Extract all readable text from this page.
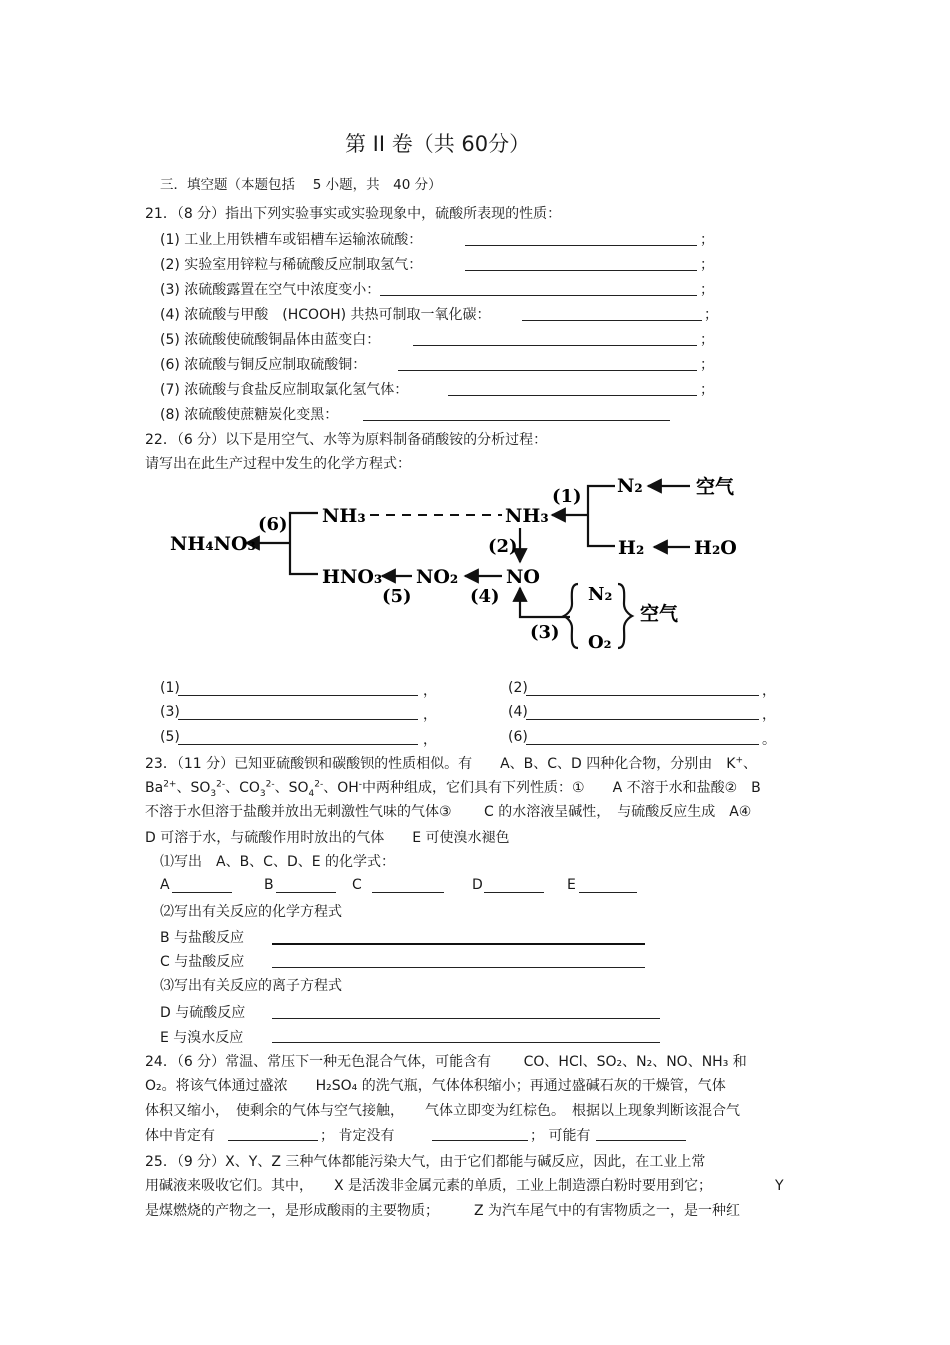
第 II 卷（共 60分）
三．填空题（本题包括　 5 小题，共　40 分）
21．（8 分）指出下列实验事实或实验现象中，硫酸所表现的性质：
(1) 工业上用铁槽车或铝槽车运输浓硫酸：	；
(2) 实验室用锌粒与稀硫酸反应制取氢气：	；
(3) 浓硫酸露置在空气中浓度变小：	；
(4) 浓硫酸与甲酸　(HCOOH) 共热可制取一氧化碳：	；
(5) 浓硫酸使硫酸铜晶体由蓝变白：	；
(6) 浓硫酸与铜反应制取硫酸铜：	；
(7) 浓硫酸与食盐反应制取氯化氢气体：	；
(8) 浓硫酸使蔗糖炭化变黑：
22．（6 分）以下是用空气、水等为原料制备硝酸铵的分析过程：
请写出在此生产过程中发生的化学方程式：
NH₄NO₃
(6) NH₃	NH₃
(1) N₂	空气
H₂	H₂O
(2)
HNO₃ NO₂	NO
(5)	(4)
(3)
N₂
O₂
空气
(1)	，	(2)	，
(3)	，	(4)	，
(5)	，	(6)	。
23．（11 分）已知亚硫酸钡和碳酸钡的性质相似。有　　A、B、C、D 四种化合物，分别由　K+、
$Ba^{2+}$、$SO_3^{2-}$、$CO_3^{2-}$、$SO_4^{2-}$、OH-中两种组成，它们具有下列性质：①　　A 不溶于水和盐酸②　B
不溶于水但溶于盐酸并放出无刺激性气味的气体③　　 C 的水溶液呈碱性，　与硫酸反应生成　A④
D 可溶于水，与硫酸作用时放出的气体　　E 可使溴水褪色
⑴写出　A、B、C、D、E 的化学式：
A	B	C	D	E
⑵写出有关反应的化学方程式
B 与盐酸反应
C 与盐酸反应
⑶写出有关反应的离子方程式
D 与硫酸反应
E 与溴水反应
24．（6 分）常温、常压下一种无色混合气体，可能含有　　 CO、HCl、SO₂、N₂、NO、NH₃ 和
O₂。将该气体通过盛浓　　H₂SO₄ 的洗气瓶，气体体积缩小；再通过盛碱石灰的干燥管，气体
体积又缩小，　使剩余的气体与空气接触，　　气体立即变为红棕色。　根据以上现象判断该混合气
体中肯定有	； 肯定没有	； 可能有
25．（9 分）X、Y、Z 三种气体都能污染大气，由于它们都能与碱反应，因此，在工业上常
用碱液来吸收它们。其中，　　X 是活泼非金属元素的单质，工业上制造漂白粉时要用到它；　　　　　Y
是煤燃烧的产物之一，是形成酸雨的主要物质；　　　Z 为汽车尾气中的有害物质之一，是一种红
